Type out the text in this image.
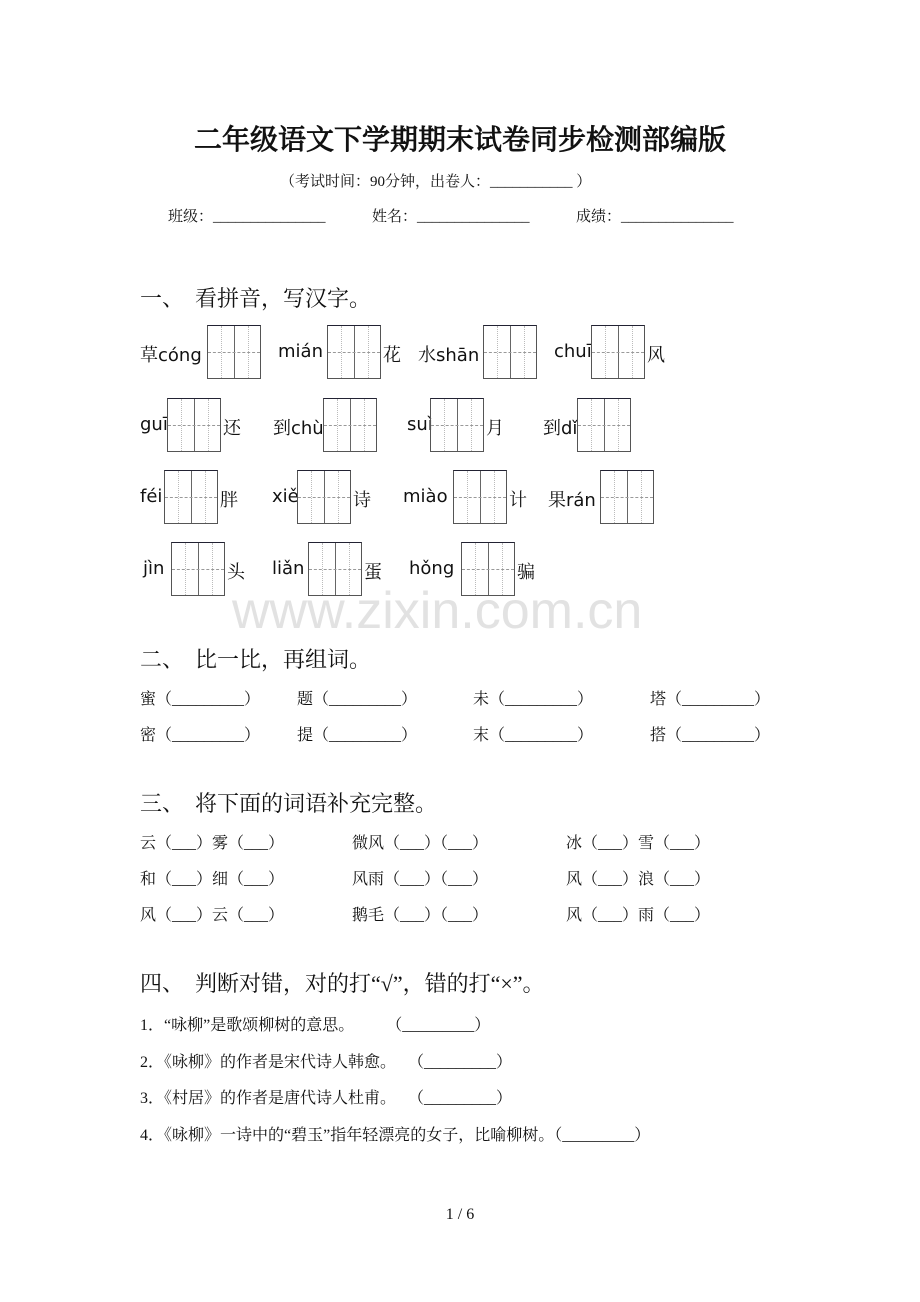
www.zixin.com.cn
二年级语文下学期期末试卷同步检测部编版
（考试时间：90分钟，出卷人：___________ ）
班级：_______________	姓名：_______________	成绩：_______________
一、  看拼音，写汉字。
草cóng	mián	花 水shān	chuī	风
guī	还 到chù	suì	月 到dǐ
féi	胖 xiě	诗 miào	计 果rán
jìn	头 liǎn	蛋 hǒng	骗
二、  比一比，再组词。
蜜（_________） 题（_________）	未（_________）	塔（_________）
密（_________） 提（_________）	末（_________）	搭（_________）
三、  将下面的词语补充完整。
云（___）雾（___）	微风（___）（___）	冰（___）雪（___）
和（___）细（___）	风雨（___）（___）	风（___）浪（___）
风（___）云（___）	鹅毛（___）（___）	风（___）雨（___）
四、  判断对错，对的打“√”，错的打“×”。
1．“咏柳”是歌颂柳树的意思。        （_________）
2．《咏柳》的作者是宋代诗人韩愈。   （_________）
3．《村居》的作者是唐代诗人杜甫。   （_________）
4．《咏柳》一诗中的“碧玉”指年轻漂亮的女子，比喻柳树。（_________）
1 / 6
